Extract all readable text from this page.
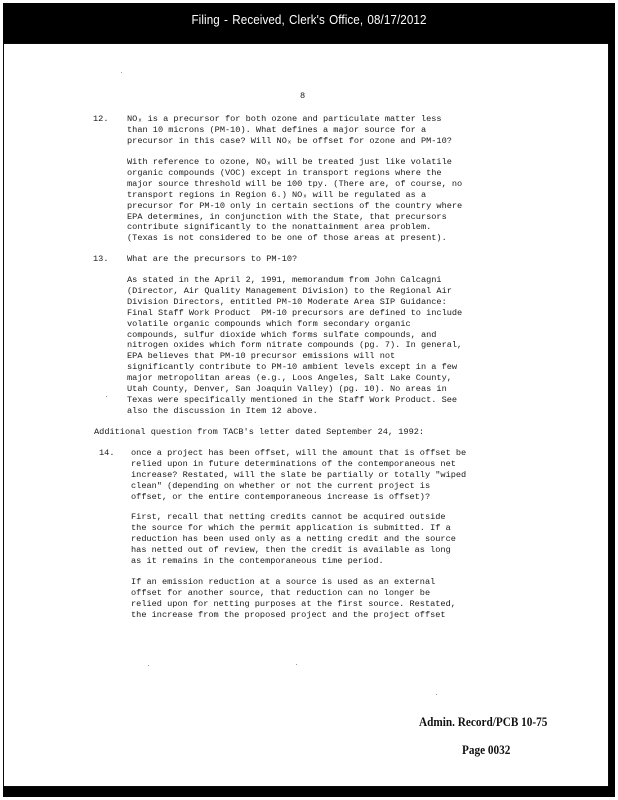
Filing - Received, Clerk's Office, 08/17/2012
8
12. NOₓ is a precursor for both ozone and particulate matter less
than 10 microns (PM-10). What defines a major source for a
precursor in this case? Will NOₓ be offset for ozone and PM-10?
With reference to ozone, NOₓ will be treated just like volatile
organic compounds (VOC) except in transport regions where the
major source threshold will be 100 tpy. (There are, of course, no
transport regions in Region 6.) NOₓ will be regulated as a
precursor for PM-10 only in certain sections of the country where
EPA determines, in conjunction with the State, that precursors
contribute significantly to the nonattainment area problem.
(Texas is not considered to be one of those areas at present).
13. What are the precursors to PM-10?
As stated in the April 2, 1991, memorandum from John Calcagni
(Director, Air Quality Management Division) to the Regional Air
Division Directors, entitled PM-10 Moderate Area SIP Guidance:
Final Staff Work Product  PM-10 precursors are defined to include
volatile organic compounds which form secondary organic
compounds, sulfur dioxide which forms sulfate compounds, and
nitrogen oxides which form nitrate compounds (pg. 7). In general,
EPA believes that PM-10 precursor emissions will not
significantly contribute to PM-10 ambient levels except in a few
major metropolitan areas (e.g., Loos Angeles, Salt Lake County,
Utah County, Denver, San Joaquin Valley) (pg. 10). No areas in
Texas were specifically mentioned in the Staff Work Product. See
also the discussion in Item 12 above.
Additional question from TACB's letter dated September 24, 1992:
14. once a project has been offset, will the amount that is offset be
relied upon in future determinations of the contemporaneous net
increase? Restated, will the slate be partially or totally "wiped
clean" (depending on whether or not the current project is
offset, or the entire contemporaneous increase is offset)?
First, recall that netting credits cannot be acquired outside
the source for which the permit application is submitted. If a
reduction has been used only as a netting credit and the source
has netted out of review, then the credit is available as long
as it remains in the contemporaneous time period.
If an emission reduction at a source is used as an external
offset for another source, that reduction can no longer be
relied upon for netting purposes at the first source. Restated,
the increase from the proposed project and the project offset
Admin. Record/PCB 10-75
Page 0032
